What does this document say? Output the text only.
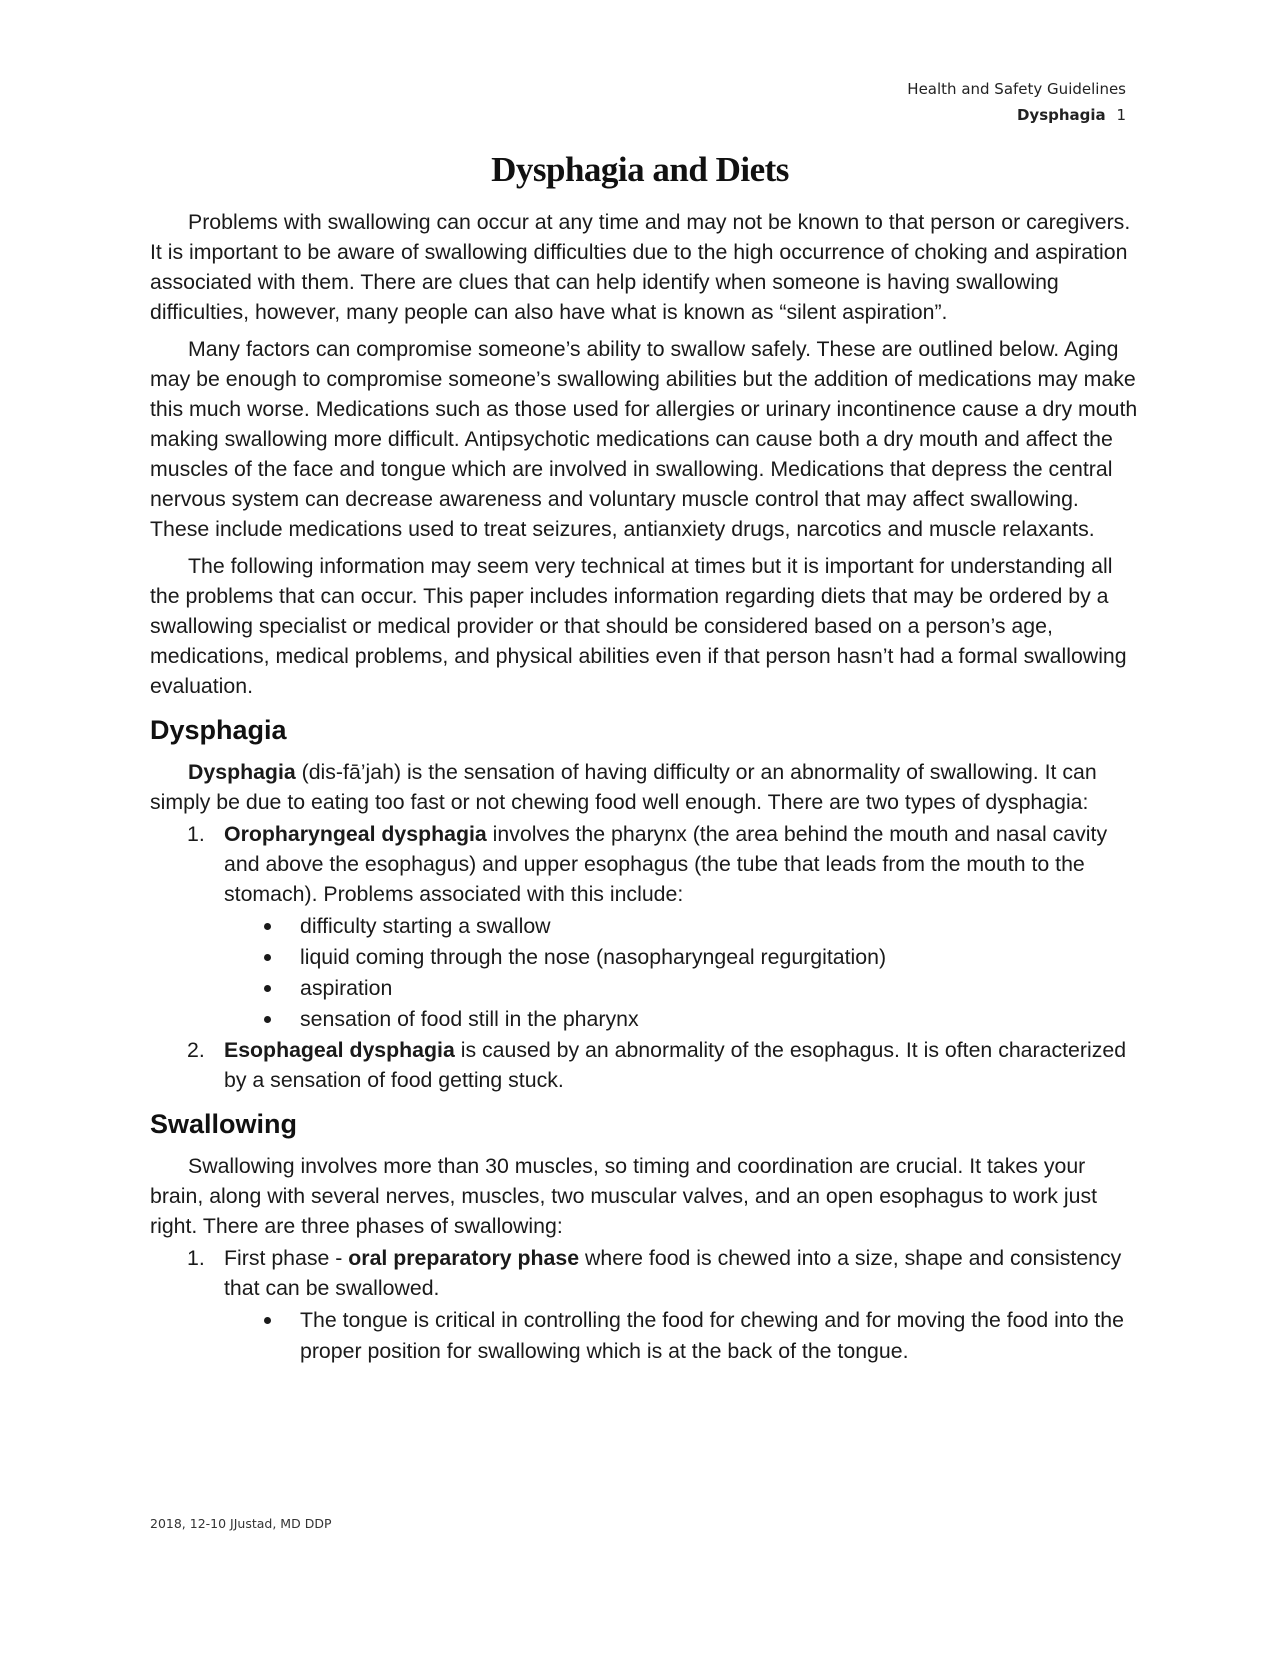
Health and Safety Guidelines
Dysphagia 1
Dysphagia and Diets

Problems with swallowing can occur at any time and may not be known to that person or caregivers. It is important to be aware of swallowing difficulties due to the high occurrence of choking and aspiration associated with them. There are clues that can help identify when someone is having swallowing difficulties, however, many people can also have what is known as “silent aspiration”.

Many factors can compromise someone’s ability to swallow safely. These are outlined below. Aging may be enough to compromise someone’s swallowing abilities but the addition of medications may make this much worse. Medications such as those used for allergies or urinary incontinence cause a dry mouth making swallowing more difficult. Antipsychotic medications can cause both a dry mouth and affect the muscles of the face and tongue which are involved in swallowing. Medications that depress the central nervous system can decrease awareness and voluntary muscle control that may affect swallowing. These include medications used to treat seizures, antianxiety drugs, narcotics and muscle relaxants.

The following information may seem very technical at times but it is important for understanding all the problems that can occur. This paper includes information regarding diets that may be ordered by a swallowing specialist or medical provider or that should be considered based on a person’s age, medications, medical problems, and physical abilities even if that person hasn’t had a formal swallowing evaluation.

Dysphagia

Dysphagia (dis-fā’jah) is the sensation of having difficulty or an abnormality of swallowing. It can simply be due to eating too fast or not chewing food well enough. There are two types of dysphagia:

1. Oropharyngeal dysphagia involves the pharynx (the area behind the mouth and nasal cavity and above the esophagus) and upper esophagus (the tube that leads from the mouth to the stomach). Problems associated with this include:
difficulty starting a swallow
liquid coming through the nose (nasopharyngeal regurgitation)
aspiration
sensation of food still in the pharynx
2. Esophageal dysphagia is caused by an abnormality of the esophagus. It is often characterized by a sensation of food getting stuck.
Swallowing

Swallowing involves more than 30 muscles, so timing and coordination are crucial. It takes your brain, along with several nerves, muscles, two muscular valves, and an open esophagus to work just right. There are three phases of swallowing:

1. First phase - oral preparatory phase where food is chewed into a size, shape and consistency that can be swallowed.
The tongue is critical in controlling the food for chewing and for moving the food into the proper position for swallowing which is at the back of the tongue.
2018, 12-10 JJustad, MD DDP
